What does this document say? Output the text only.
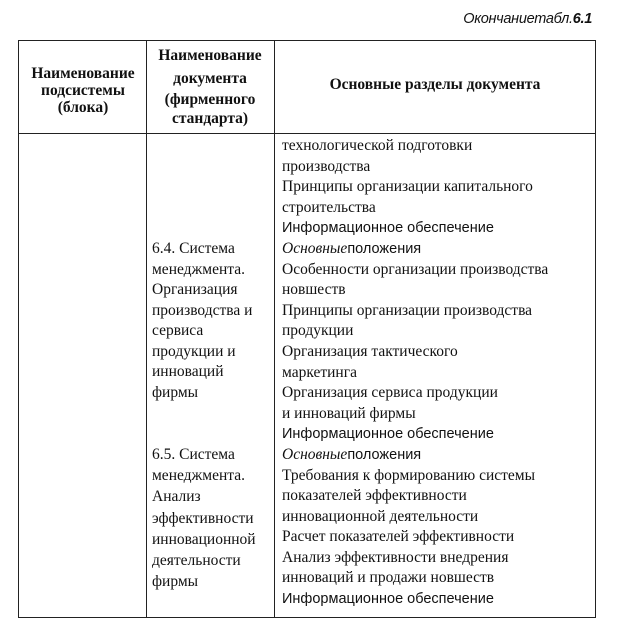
Окончаниетабл.6.1
Наименование
подсистемы
(блока)
Наименование
документа
(фирменного
стандарта)
Основные разделы документа
6.4. Система
менеджмента.
Организация
производства и
сервиса
продукции и
инноваций
фирмы
6.5. Система
менеджмента.
Анализ
эффективности
инновационной
деятельности
фирмы
технологической подготовки
производства
Принципы организации капитального
строительства
Информационное обеспечение
Основныеположения
Особенности организации производства
новшеств
Принципы организации производства
продукции
Организация тактического
маркетинга
Организация сервиса продукции
и инноваций фирмы
Информационное обеспечение
Основныеположения
Требования к формированию системы
показателей эффективности
инновационной деятельности
Расчет показателей эффективности
Анализ эффективности внедрения
инноваций и продажи новшеств
Информационное обеспечение
